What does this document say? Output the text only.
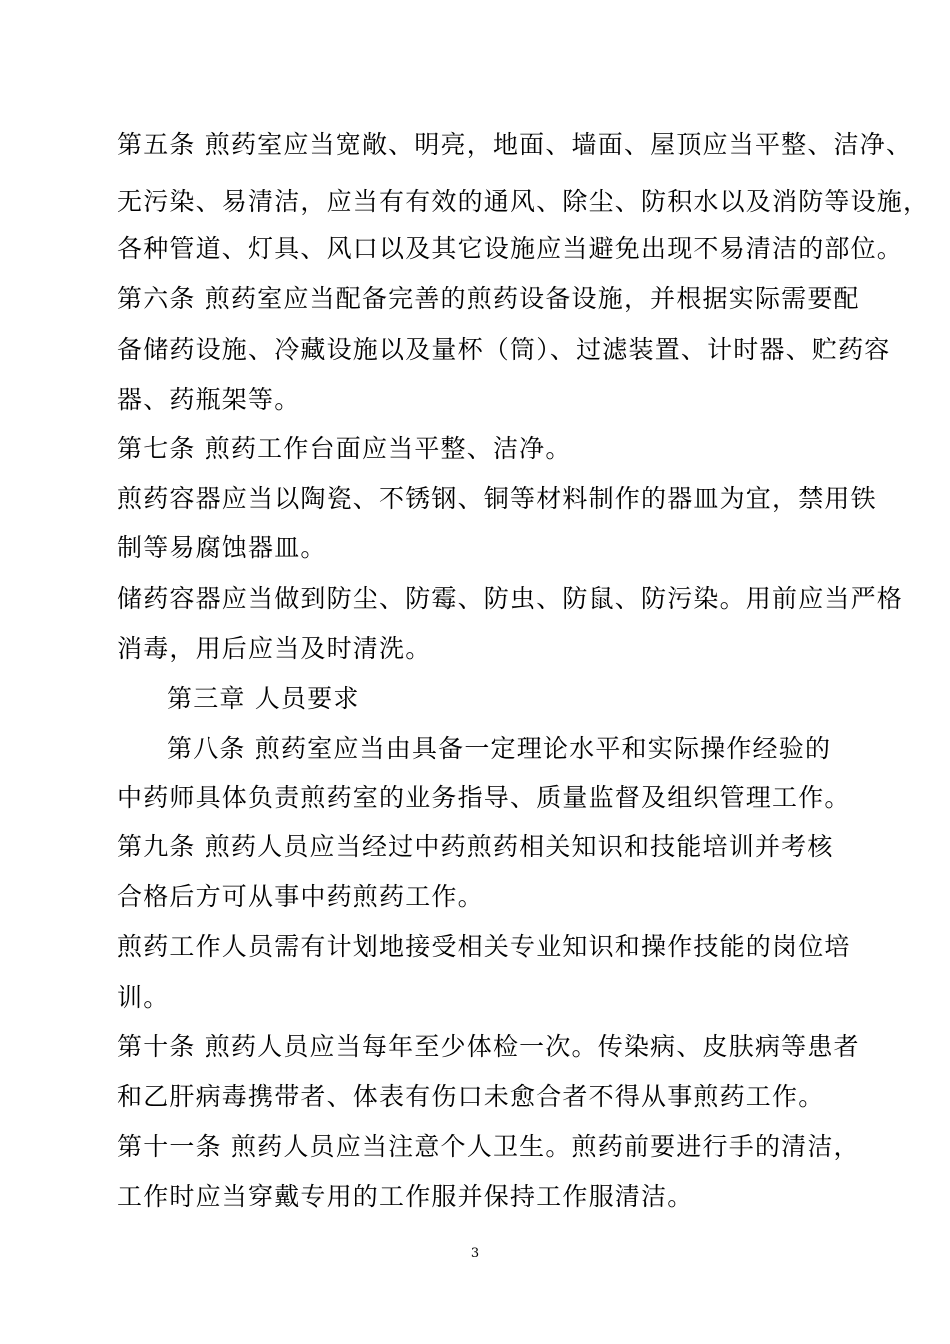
第五条 煎药室应当宽敞、明亮，地面、墙面、屋顶应当平整、洁净、
无污染、易清洁，应当有有效的通风、除尘、防积水以及消防等设施，
各种管道、灯具、风口以及其它设施应当避免出现不易清洁的部位。
第六条 煎药室应当配备完善的煎药设备设施，并根据实际需要配
备储药设施、冷藏设施以及量杯（筒）、过滤装置、计时器、贮药容
器、药瓶架等。
第七条 煎药工作台面应当平整、洁净。
煎药容器应当以陶瓷、不锈钢、铜等材料制作的器皿为宜，禁用铁
制等易腐蚀器皿。
储药容器应当做到防尘、防霉、防虫、防鼠、防污染。用前应当严格
消毒，用后应当及时清洗。
第三章 人员要求
第八条 煎药室应当由具备一定理论水平和实际操作经验的
中药师具体负责煎药室的业务指导、质量监督及组织管理工作。
第九条 煎药人员应当经过中药煎药相关知识和技能培训并考核
合格后方可从事中药煎药工作。
煎药工作人员需有计划地接受相关专业知识和操作技能的岗位培
训。
第十条 煎药人员应当每年至少体检一次。传染病、皮肤病等患者
和乙肝病毒携带者、体表有伤口未愈合者不得从事煎药工作。
第十一条 煎药人员应当注意个人卫生。煎药前要进行手的清洁，
工作时应当穿戴专用的工作服并保持工作服清洁。
3
